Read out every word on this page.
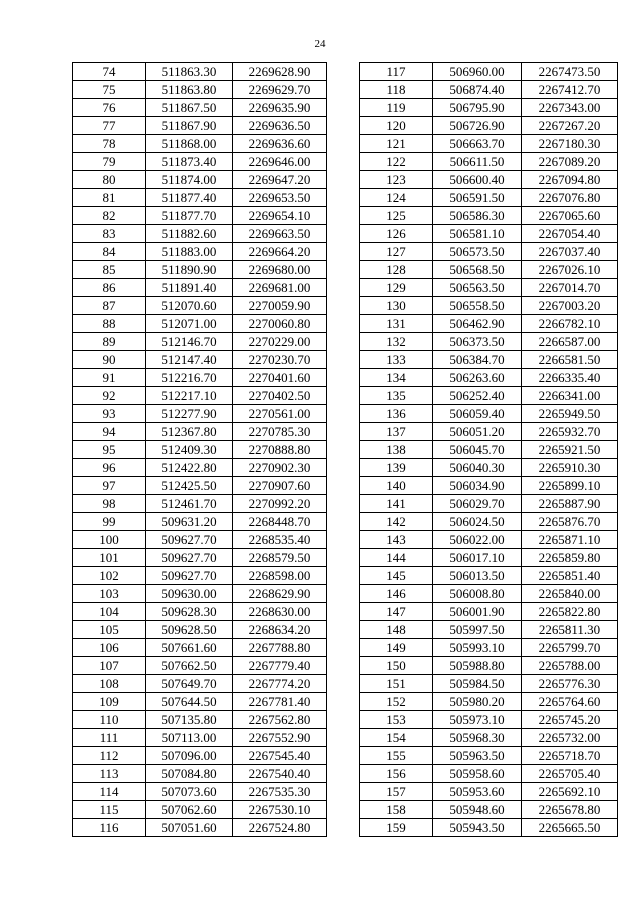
24
74	511863.30	2269628.90
75	511863.80	2269629.70
76	511867.50	2269635.90
77	511867.90	2269636.50
78	511868.00	2269636.60
79	511873.40	2269646.00
80	511874.00	2269647.20
81	511877.40	2269653.50
82	511877.70	2269654.10
83	511882.60	2269663.50
84	511883.00	2269664.20
85	511890.90	2269680.00
86	511891.40	2269681.00
87	512070.60	2270059.90
88	512071.00	2270060.80
89	512146.70	2270229.00
90	512147.40	2270230.70
91	512216.70	2270401.60
92	512217.10	2270402.50
93	512277.90	2270561.00
94	512367.80	2270785.30
95	512409.30	2270888.80
96	512422.80	2270902.30
97	512425.50	2270907.60
98	512461.70	2270992.20
99	509631.20	2268448.70
100	509627.70	2268535.40
101	509627.70	2268579.50
102	509627.70	2268598.00
103	509630.00	2268629.90
104	509628.30	2268630.00
105	509628.50	2268634.20
106	507661.60	2267788.80
107	507662.50	2267779.40
108	507649.70	2267774.20
109	507644.50	2267781.40
110	507135.80	2267562.80
111	507113.00	2267552.90
112	507096.00	2267545.40
113	507084.80	2267540.40
114	507073.60	2267535.30
115	507062.60	2267530.10
116	507051.60	2267524.80
117	506960.00	2267473.50
118	506874.40	2267412.70
119	506795.90	2267343.00
120	506726.90	2267267.20
121	506663.70	2267180.30
122	506611.50	2267089.20
123	506600.40	2267094.80
124	506591.50	2267076.80
125	506586.30	2267065.60
126	506581.10	2267054.40
127	506573.50	2267037.40
128	506568.50	2267026.10
129	506563.50	2267014.70
130	506558.50	2267003.20
131	506462.90	2266782.10
132	506373.50	2266587.00
133	506384.70	2266581.50
134	506263.60	2266335.40
135	506252.40	2266341.00
136	506059.40	2265949.50
137	506051.20	2265932.70
138	506045.70	2265921.50
139	506040.30	2265910.30
140	506034.90	2265899.10
141	506029.70	2265887.90
142	506024.50	2265876.70
143	506022.00	2265871.10
144	506017.10	2265859.80
145	506013.50	2265851.40
146	506008.80	2265840.00
147	506001.90	2265822.80
148	505997.50	2265811.30
149	505993.10	2265799.70
150	505988.80	2265788.00
151	505984.50	2265776.30
152	505980.20	2265764.60
153	505973.10	2265745.20
154	505968.30	2265732.00
155	505963.50	2265718.70
156	505958.60	2265705.40
157	505953.60	2265692.10
158	505948.60	2265678.80
159	505943.50	2265665.50
